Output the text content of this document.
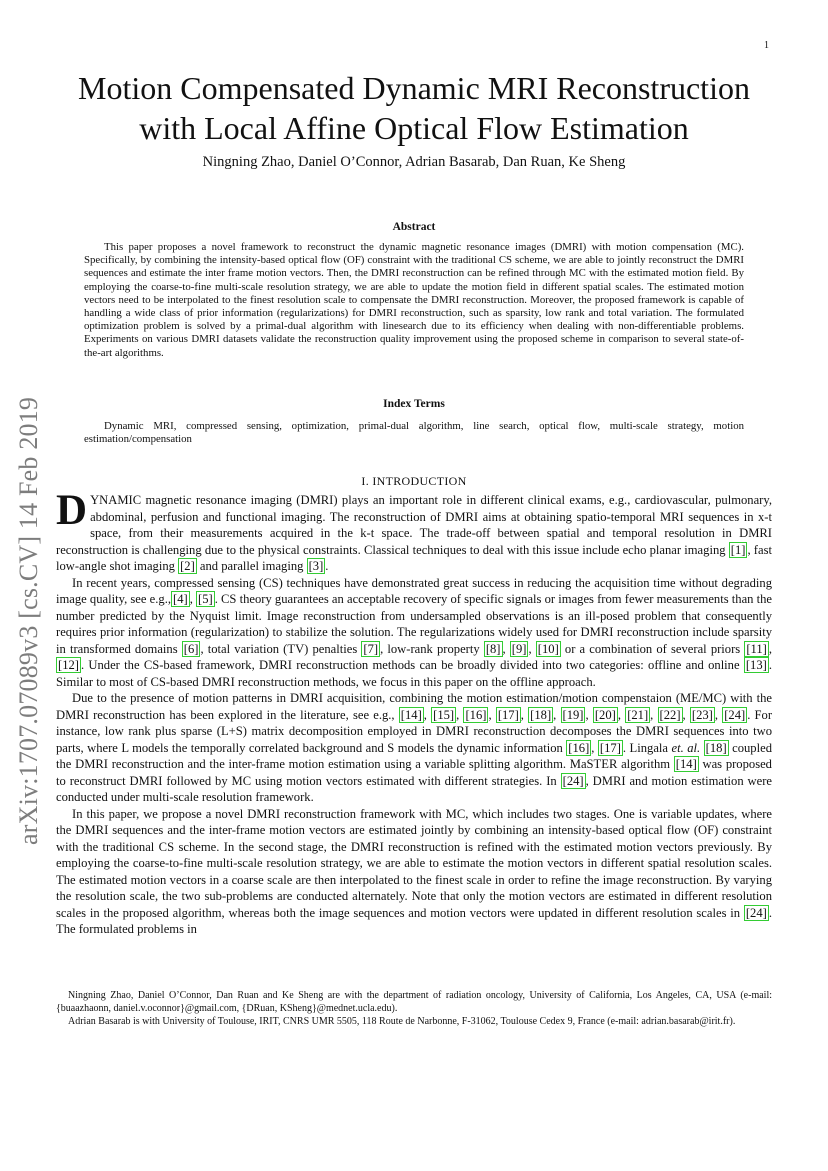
1
arXiv:1707.07089v3 [cs.CV] 14 Feb 2019
Motion Compensated Dynamic MRI Reconstruction
with Local Affine Optical Flow Estimation
Ningning Zhao, Daniel O’Connor, Adrian Basarab, Dan Ruan, Ke Sheng
Abstract

This paper proposes a novel framework to reconstruct the dynamic magnetic resonance images (DMRI) with motion compensation (MC). Specifically, by combining the intensity-based optical flow (OF) constraint with the traditional CS scheme, we are able to jointly reconstruct the DMRI sequences and estimate the inter frame motion vectors. Then, the DMRI reconstruction can be refined through MC with the estimated motion field. By employing the coarse-to-fine multi-scale resolution strategy, we are able to update the motion field in different spatial scales. The estimated motion vectors need to be interpolated to the finest resolution scale to compensate the DMRI reconstruction. Moreover, the proposed framework is capable of handling a wide class of prior information (regularizations) for DMRI reconstruction, such as sparsity, low rank and total variation. The formulated optimization problem is solved by a primal-dual algorithm with linesearch due to its efficiency when dealing with non-differentiable problems. Experiments on various DMRI datasets validate the reconstruction quality improvement using the proposed scheme in comparison to several state-of-the-art algorithms.

Index Terms

Dynamic MRI, compressed sensing, optimization, primal-dual algorithm, line search, optical flow, multi-scale strategy, motion estimation/compensation

I. INTRODUCTION

DYNAMIC magnetic resonance imaging (DMRI) plays an important role in different clinical exams, e.g., cardiovascular, pulmonary, abdominal, perfusion and functional imaging. The reconstruction of DMRI aims at obtaining spatio-temporal MRI sequences in x-t space, from their measurements acquired in the k-t space. The trade-off between spatial and temporal resolution in DMRI reconstruction is challenging due to the physical constraints. Classical techniques to deal with this issue include echo planar imaging [1] , fast low-angle shot imaging [2] and parallel imaging [3] .

In recent years, compressed sensing (CS) techniques have demonstrated great success in reducing the acquisition time without degrading image quality, see e.g., [4] , [5] . CS theory guarantees an acceptable recovery of specific signals or images from fewer measurements than the number predicted by the Nyquist limit. Image reconstruction from undersampled observations is an ill-posed problem that consequently requires prior information (regularization) to stabilize the solution. The regularizations widely used for DMRI reconstruction include sparsity in transformed domains [6] , total variation (TV) penalties [7] , low-rank property [8] , [9] , [10] or a combination of several priors [11] , [12] . Under the CS-based framework, DMRI reconstruction methods can be broadly divided into two categories: offline and online [13] . Similar to most of CS-based DMRI reconstruction methods, we focus in this paper on the offline approach.

Due to the presence of motion patterns in DMRI acquisition, combining the motion estimation/motion compenstaion (ME/MC) with the DMRI reconstruction has been explored in the literature, see e.g., [14] , [15] , [16] , [17] , [18] , [19] , [20] , [21] , [22] , [23] , [24] . For instance, low rank plus sparse (L+S) matrix decomposition employed in DMRI reconstruction decomposes the DMRI sequences into two parts, where L models the temporally correlated background and S models the dynamic information [16] , [17] . Lingala et. al. [18] coupled the DMRI reconstruction and the inter-frame motion estimation using a variable splitting algorithm. MaSTER algorithm [14] was proposed to reconstruct DMRI followed by MC using motion vectors estimated with different strategies. In [24] , DMRI and motion estimation were conducted under multi-scale resolution framework.

In this paper, we propose a novel DMRI reconstruction framework with MC, which includes two stages. One is variable updates, where the DMRI sequences and the inter-frame motion vectors are estimated jointly by combining an intensity-based optical flow (OF) constraint with the traditional CS scheme. In the second stage, the DMRI reconstruction is refined with the estimated motion vectors previously. By employing the coarse-to-fine multi-scale resolution strategy, we are able to estimate the motion vectors in different spatial resolution scales. The estimated motion vectors in a coarse scale are then interpolated to the finest scale in order to refine the image reconstruction. By varying the resolution scale, the two sub-problems are conducted alternately. Note that only the motion vectors are estimated in different resolution scales in the proposed algorithm, whereas both the image sequences and motion vectors were updated in different resolution scales in [24] . The formulated problems in

Ningning Zhao, Daniel O’Connor, Dan Ruan and Ke Sheng are with the department of radiation oncology, University of California, Los Angeles, CA, USA (e-mail: {buaazhaonn, daniel.v.oconnor}@gmail.com, {DRuan, KSheng}@mednet.ucla.edu).

Adrian Basarab is with University of Toulouse, IRIT, CNRS UMR 5505, 118 Route de Narbonne, F-31062, Toulouse Cedex 9, France (e-mail: adrian.basarab@irit.fr).
